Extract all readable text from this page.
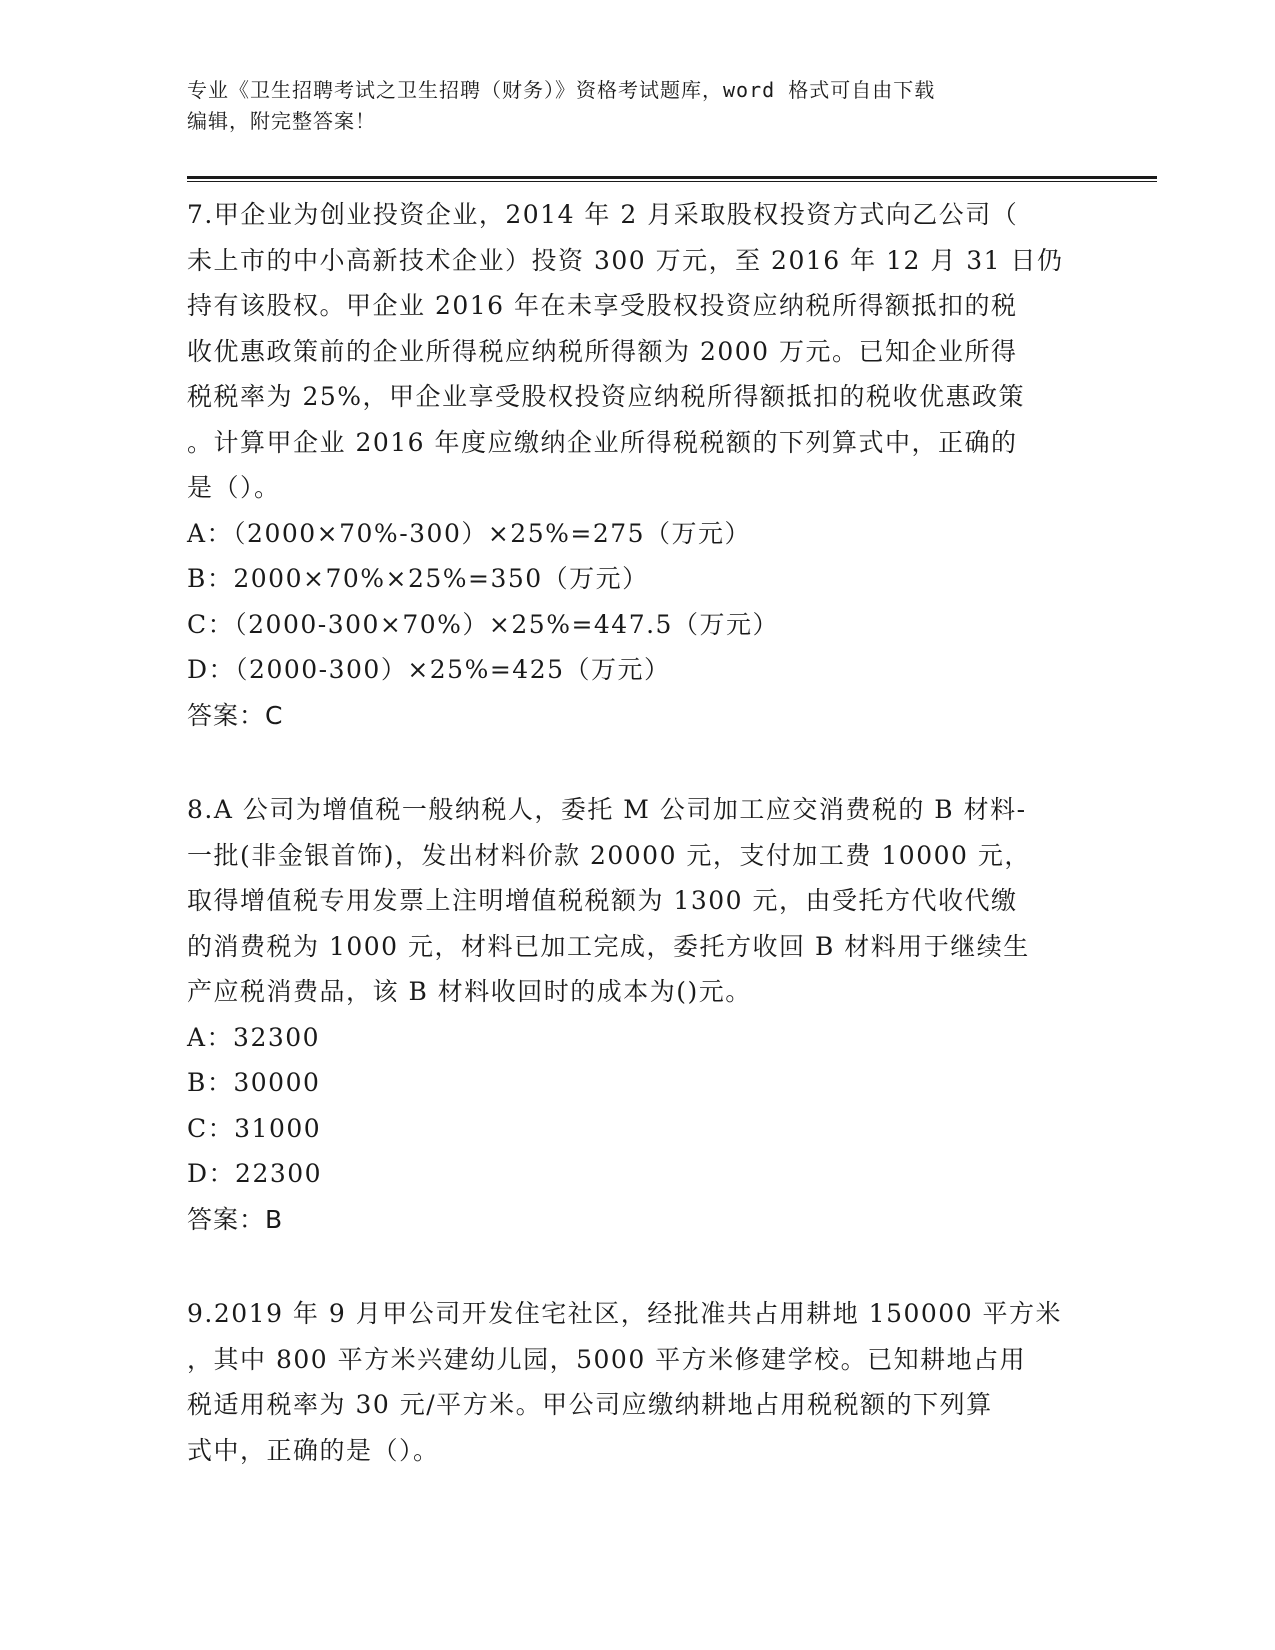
专业《卫生招聘考试之卫生招聘（财务）》资格考试题库，word 格式可自由下载
编辑，附完整答案！
7.甲企业为创业投资企业，2014 年 2 月采取股权投资方式向乙公司（
未上市的中小高新技术企业）投资 300 万元，至 2016 年 12 月 31 日仍
持有该股权。甲企业 2016 年在未享受股权投资应纳税所得额抵扣的税
收优惠政策前的企业所得税应纳税所得额为 2000 万元。已知企业所得
税税率为 25%，甲企业享受股权投资应纳税所得额抵扣的税收优惠政策
。计算甲企业 2016 年度应缴纳企业所得税税额的下列算式中，正确的
是（）。
A：（2000×70%-300）×25%=275（万元）
B：2000×70%×25%=350（万元）
C：（2000-300×70%）×25%=447.5（万元）
D：（2000-300）×25%=425（万元）
答案：C
8.A 公司为增值税一般纳税人，委托 M 公司加工应交消费税的 B 材料-
一批(非金银首饰)，发出材料价款 20000 元，支付加工费 10000 元，
取得增值税专用发票上注明增值税税额为 1300 元，由受托方代收代缴
的消费税为 1000 元，材料已加工完成，委托方收回 B 材料用于继续生
产应税消费品，该 B 材料收回时的成本为()元。
A：32300
B：30000
C：31000
D：22300
答案：B
9.2019 年 9 月甲公司开发住宅社区，经批准共占用耕地 150000 平方米
，其中 800 平方米兴建幼儿园，5000 平方米修建学校。已知耕地占用
税适用税率为 30 元/平方米。甲公司应缴纳耕地占用税税额的下列算
式中，正确的是（）。
